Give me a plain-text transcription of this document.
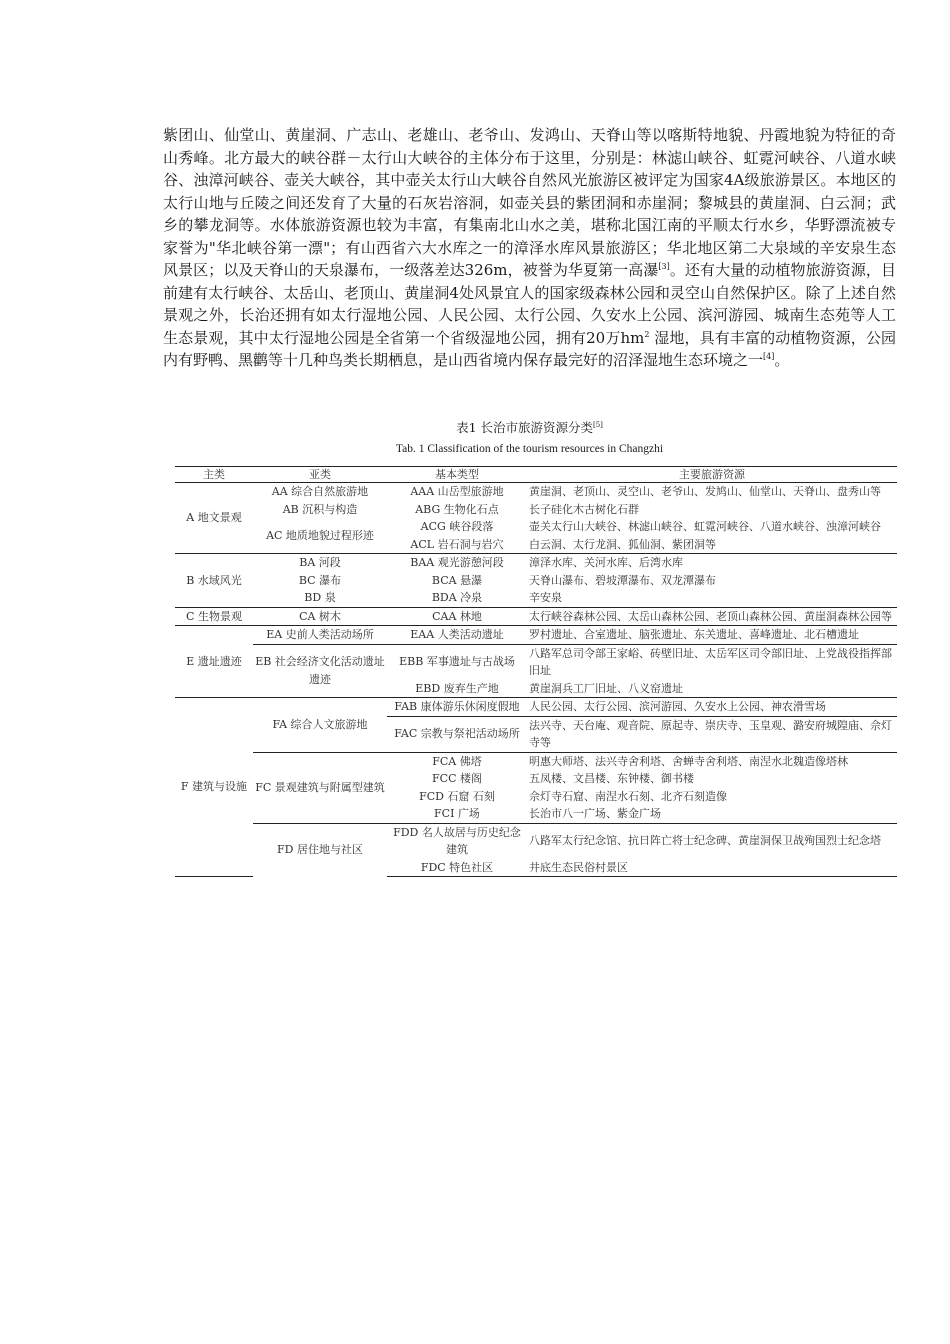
紫团山、仙堂山、黄崖洞、广志山、老雄山、老爷山、发鸿山、天脊山等以喀斯特地貌、丹霞地貌为特征的奇山秀峰。北方最大的峡谷群－太行山大峡谷的主体分布于这里，分别是：林滤山峡谷、虹霓河峡谷、八道水峡谷、浊漳河峡谷、壶关大峡谷，其中壶关太行山大峡谷自然风光旅游区被评定为国家4A级旅游景区。本地区的太行山地与丘陵之间还发育了大量的石灰岩溶洞，如壶关县的紫团洞和赤崖洞；黎城县的黄崖洞、白云洞；武乡的攀龙洞等。水体旅游资源也较为丰富，有集南北山水之美，堪称北国江南的平顺太行水乡，华野漂流被专家誉为"华北峡谷第一漂"；有山西省六大水库之一的漳泽水库风景旅游区；华北地区第二大泉域的辛安泉生态风景区；以及天脊山的天泉瀑布，一级落差达326m，被誉为华夏第一高瀑[3]。还有大量的动植物旅游资源，目前建有太行峡谷、太岳山、老顶山、黄崖洞4处风景宜人的国家级森林公园和灵空山自然保护区。除了上述自然景观之外，长治还拥有如太行湿地公园、人民公园、太行公园、久安水上公园、滨河游园、城南生态苑等人工生态景观，其中太行湿地公园是全省第一个省级湿地公园，拥有20万$hm^2$ 湿地，具有丰富的动植物资源，公园内有野鸭、黑鹳等十几种鸟类长期栖息，是山西省境内保存最完好的沼泽湿地生态环境之一[4]。
表1 长治市旅游资源分类[5]
Tab. 1 Classification of the tourism resources in Changzhi
主类	亚类	基本类型	主要旅游资源
A 地文景观	AA 综合自然旅游地	AAA 山岳型旅游地	黄崖洞、老顶山、灵空山、老爷山、发鸠山、仙堂山、天脊山、盘秀山等
	AB 沉积与构造	ABG 生物化石点	长子硅化木古树化石群
	AC 地质地貌过程形迹	ACG 峡谷段落	壶关太行山大峡谷、林滤山峡谷、虹霓河峡谷、八道水峡谷、浊漳河峡谷

		ACL 岩石洞与岩穴	白云洞、太行龙洞、狐仙洞、紫团洞等
B 水域风光	BA 河段	BAA 观光游憩河段	漳泽水库、关河水库、后湾水库
	BC 瀑布	BCA 悬瀑	天脊山瀑布、碧坡潭瀑布、双龙潭瀑布
	BD 泉	BDA 冷泉	辛安泉
C 生物景观	CA 树木	CAA 林地	太行峡谷森林公园、太岳山森林公园、老顶山森林公园、黄崖洞森林公园等

E 遗址遗迹	EA 史前人类活动场所	EAA 人类活动遗址	罗村遗址、合室遗址、脑张遗址、东关遗址、喜峰遗址、北石槽遗址
	EB 社会经济文化活动遗址遗迹	EBB 军事遗址与古战场	八路军总司令部王家峪、砖壁旧址、太岳军区司令部旧址、上党战役指挥部旧址

		EBD 废弃生产地	黄崖洞兵工厂旧址、八义窑遗址
F 建筑与设施	FA 综合人文旅游地	FAB 康体游乐休闲度假地	人民公园、太行公园、滨河游园、久安水上公园、神农滑雪场
		FAC 宗教与祭祀活动场所	法兴寺、天台庵、观音院、原起寺、崇庆寺、玉皇观、潞安府城隍庙、佘灯寺等

	FC 景观建筑与附属型建筑	FCA 佛塔	明惠大师塔、法兴寺舍利塔、舍蝉寺舍利塔、南涅水北魏造像塔林
		FCC 楼阁	五凤楼、文昌楼、东钟楼、御书楼
		FCD 石窟 石刻	佘灯寺石窟、南涅水石刻、北齐石刻造像
		FCI 广场	长治市八一广场、紫金广场

	FD 居住地与社区	FDD 名人故居与历史纪念建筑	八路军太行纪念馆、抗日阵亡将士纪念碑、黄崖洞保卫战殉国烈士纪念塔

		FDC 特色社区	井底生态民俗村景区
